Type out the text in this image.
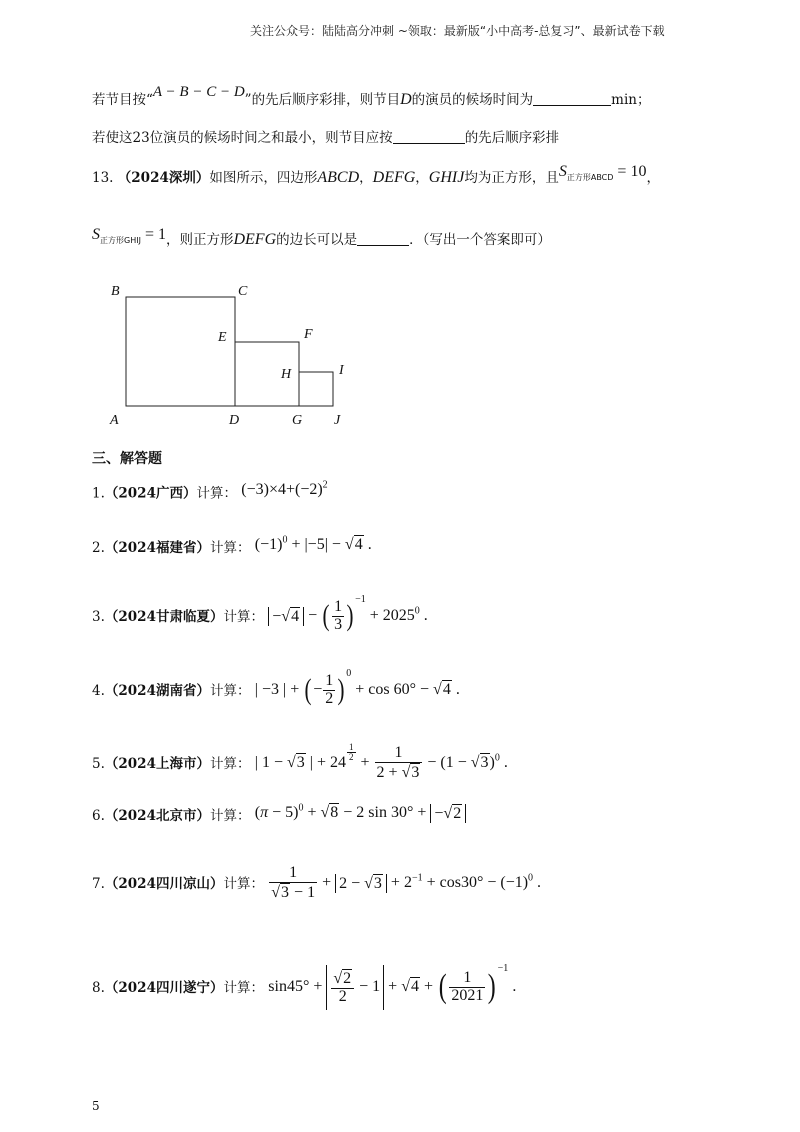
关注公众号：陆陆高分冲刺 ~领取：最新版“小中高考-总复习”、最新试卷下载
若节目按“A − B − C − D”的先后顺序彩排，则节目D的演员的候场时间为	min；
若使这23位演员的候场时间之和最小，则节目应按	的先后顺序彩排
13. （2024深圳）如图所示，四边形ABCD，DEFG，GHIJ均为正方形，且$S_{正方形ABCD} = 10$，
$S_{正方形GHIJ} = 1$，则正方形DEFG的边长可以是	．（写出一个答案即可）
B	C
E	F
H	I
A	D	G J
三、解答题
1.（2024广西）计算： $(-3)\times 4+(-2)^2$
2.（2024福建省）计算： $(-1)^0 + |-5| - √4$ .
3.（2024甘肃临夏）计算： −√4 − ( $\frac{1}{3} )^{-1} + 2025^0$ .
4.（2024湖南省）计算： | −3 | + (− $\frac{1}{2} )^0 + \cos 60^\circ - √4$ .
5.（2024上海市）计算： | 1 − √3 | + 24 $^{\frac{1}{2}} + \frac{1}{2 + √3} - (1 - √3)^0$ .
6.（2024北京市）计算： $(\pi - 5)^0 + √8 - 2$ sin 30° + −√2
7.（2024四川凉山）计算： $\frac{1}{√3 - 1} + 2 - √3 + 2^{-1} + \cos 30^\circ - (-1)^0$ .
8.（2024四川遂宁）计算： $\sin 45^\circ + \frac{√2}{2} - 1 + √4$ + ( $\frac{1}{2021} )^{-1}$ .
5
